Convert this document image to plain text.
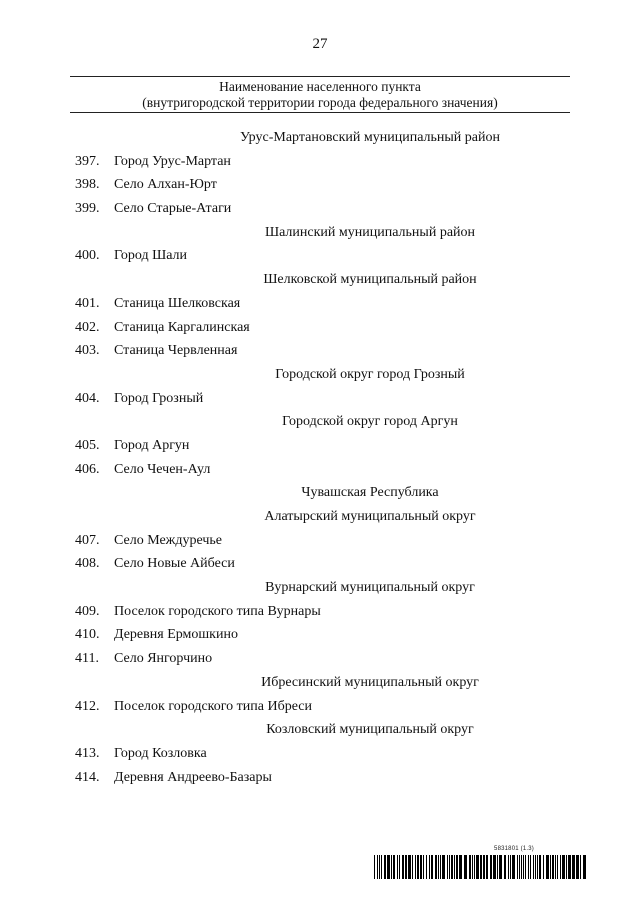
27
Наименование населенного пункта
(внутригородской территории города федерального значения)
Урус-Мартановский муниципальный район
397.	Город Урус-Мартан
398.	Село Алхан-Юрт
399.	Село Старые-Атаги
Шалинский муниципальный район
400.	Город Шали
Шелковской муниципальный район
401.	Станица Шелковская
402.	Станица Каргалинская
403.	Станица Червленная
Городской округ город Грозный
404.	Город Грозный
Городской округ город Аргун
405.	Город Аргун
406.	Село Чечен-Аул
Чувашская Республика
Алатырский муниципальный округ
407.	Село Междуречье
408.	Село Новые Айбеси
Вурнарский муниципальный округ
409.	Поселок городского типа Вурнары
410.	Деревня Ермошкино
411.	Село Янгорчино
Ибресинский муниципальный округ
412.	Поселок городского типа Ибреси
Козловский муниципальный округ
413.	Город Козловка
414.	Деревня Андреево-Базары
5831801 (1.3)
